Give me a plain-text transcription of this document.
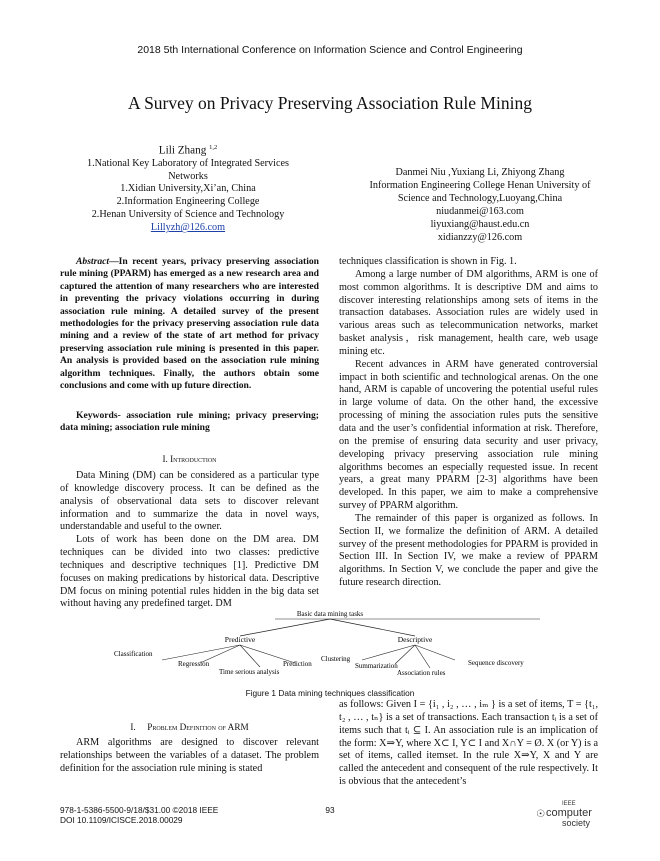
2018 5th International Conference on Information Science and Control Engineering
A Survey on Privacy Preserving Association Rule Mining
Lili Zhang $^{1,2}$
1.National Key Laboratory of Integrated Services
Networks
1.Xidian University,Xi’an, China
2.Information Engineering College
2.Henan University of Science and Technology
Lillyzh@126.com
Danmei Niu ,Yuxiang Li, Zhiyong Zhang
Information Engineering College Henan University of
Science and Technology,Luoyang,China
niudanmei@163.com
liyuxiang@haust.edu.cn
xidianzzy@126.com

Abstract—In recent years, privacy preserving association rule mining (PPARM) has emerged as a new research area and captured the attention of many researchers who are interested in preventing the privacy violations occurring in during association rule mining. A detailed survey of the present methodologies for the privacy preserving association rule data mining and a review of the state of art method for privacy preserving association rule mining is presented in this paper. An analysis is provided based on the association rule mining algorithm techniques. Finally, the authors obtain some conclusions and come with up future direction.

Keywords- association rule mining; privacy preserving; data mining; association rule mining

I. Introduction

Data Mining (DM) can be considered as a particular type of knowledge discovery process. It can be defined as the analysis of observational data sets to discover relevant information and to summarize the data in novel ways, understandable and useful to the owner.

Lots of work has been done on the DM area. DM techniques can be divided into two classes: predictive techniques and descriptive techniques [1]. Predictive DM focuses on making predications by historical data. Descriptive DM focus on mining potential rules hidden in the big data set without having any predefined target. DM

techniques classification is shown in Fig. 1.

Among a large number of DM algorithms, ARM is one of most common algorithms. It is descriptive DM and aims to discover interesting relationships among sets of items in the transaction databases. Association rules are widely used in various areas such as telecommunication networks, market basket analysis，risk management, health care, web usage mining etc.

Recent advances in ARM have generated controversial impact in both scientific and technological arenas. On the one hand, ARM is capable of uncovering the potential useful rules in large volume of data. On the other hand, the excessive processing of mining the association rules puts the sensitive data and the user’s confidential information at risk. Therefore, on the premise of ensuring data security and user privacy, developing privacy preserving association rule mining algorithms becomes an especially requested issue. In recent years, a great many PPARM [2-3] algorithms have been developed. In this paper, we aim to make a comprehensive survey of PPARM algorithm.

The remainder of this paper is organized as follows. In Section II, we formalize the definition of ARM. A detailed survey of the present methodologies for PPARM is provided in Section III. In Section IV, we make a review of PPARM algorithms. In Section V, we conclude the paper and give the future research direction.

Basic data mining tasks
Predictive	Descriptive
Classification
Regression
Time serious analysis
Prediction
Clustering
Summarization
Association rules
Sequence discovery
Figure 1 Data mining techniques classification
I. Problem Definition of ARM

ARM algorithms are designed to discover relevant relationships between the variables of a dataset. The problem definition for the association rule mining is stated

as follows: Given I = {i₁ , i₂ , … , iₘ } is a set of items, T = {t₁, t₂ , … , tₙ} is a set of transactions. Each transaction tᵢ is a set of items such that tᵢ ⊆ I. An association rule is an implication of the form: X⇒Y, where X⊂ I, Y⊂ I and X∩Y = Ø. X (or Y) is a set of items, called itemset. In the rule X⇒Y, X and Y are called the antecedent and consequent of the rule respectively. It is obvious that the antecedent’s

978-1-5386-5500-9/18/$31.00 ©2018 IEEE
DOI 10.1109/ICISCE.2018.00029
93	☉
IEEE
computer
society
